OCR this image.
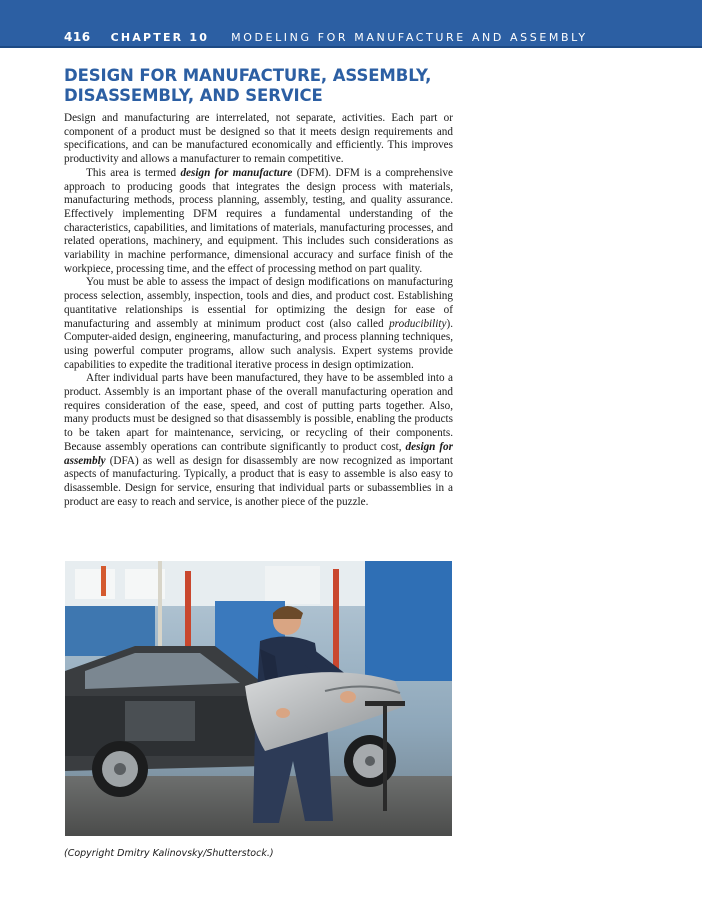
416 CHAPTER 10 MODELING FOR MANUFACTURE AND ASSEMBLY
DESIGN FOR MANUFACTURE, ASSEMBLY,
DISASSEMBLY, AND SERVICE

Design and manufacturing are interrelated, not separate, activities. Each part or component of a product must be designed so that it meets design requirements and specifications, and can be manufactured economically and efficiently. This improves productivity and allows a manufacturer to remain competitive.

This area is termed design for manufacture (DFM). DFM is a comprehensive approach to producing goods that integrates the design process with materials, manufacturing methods, process planning, assembly, testing, and quality assurance. Effectively implementing DFM requires a fundamental understanding of the characteristics, capabilities, and limitations of materials, manufacturing processes, and related operations, machinery, and equipment. This includes such considerations as variability in machine performance, dimensional accuracy and surface finish of the workpiece, processing time, and the effect of processing method on part quality.

You must be able to assess the impact of design modifications on manufacturing process selection, assembly, inspection, tools and dies, and product cost. Establishing quantitative relationships is essential for optimizing the design for ease of manufacturing and assembly at minimum product cost (also called producibility). Computer-aided design, engineering, manufacturing, and process planning techniques, using powerful computer programs, allow such analysis. Expert systems provide capabilities to expedite the traditional iterative process in design optimization.

After individual parts have been manufactured, they have to be assembled into a product. Assembly is an important phase of the overall manufacturing operation and requires consideration of the ease, speed, and cost of putting parts together. Also, many products must be designed so that disassembly is possible, enabling the products to be taken apart for maintenance, servicing, or recycling of their components. Because assembly operations can contribute significantly to product cost, design for assembly (DFA) as well as design for disassembly are now recognized as important aspects of manufacturing. Typically, a product that is easy to assemble is also easy to disassemble. Design for service, ensuring that individual parts or subassemblies in a product are easy to reach and service, is another piece of the puzzle.

(Copyright Dmitry Kalinovsky/Shutterstock.)
